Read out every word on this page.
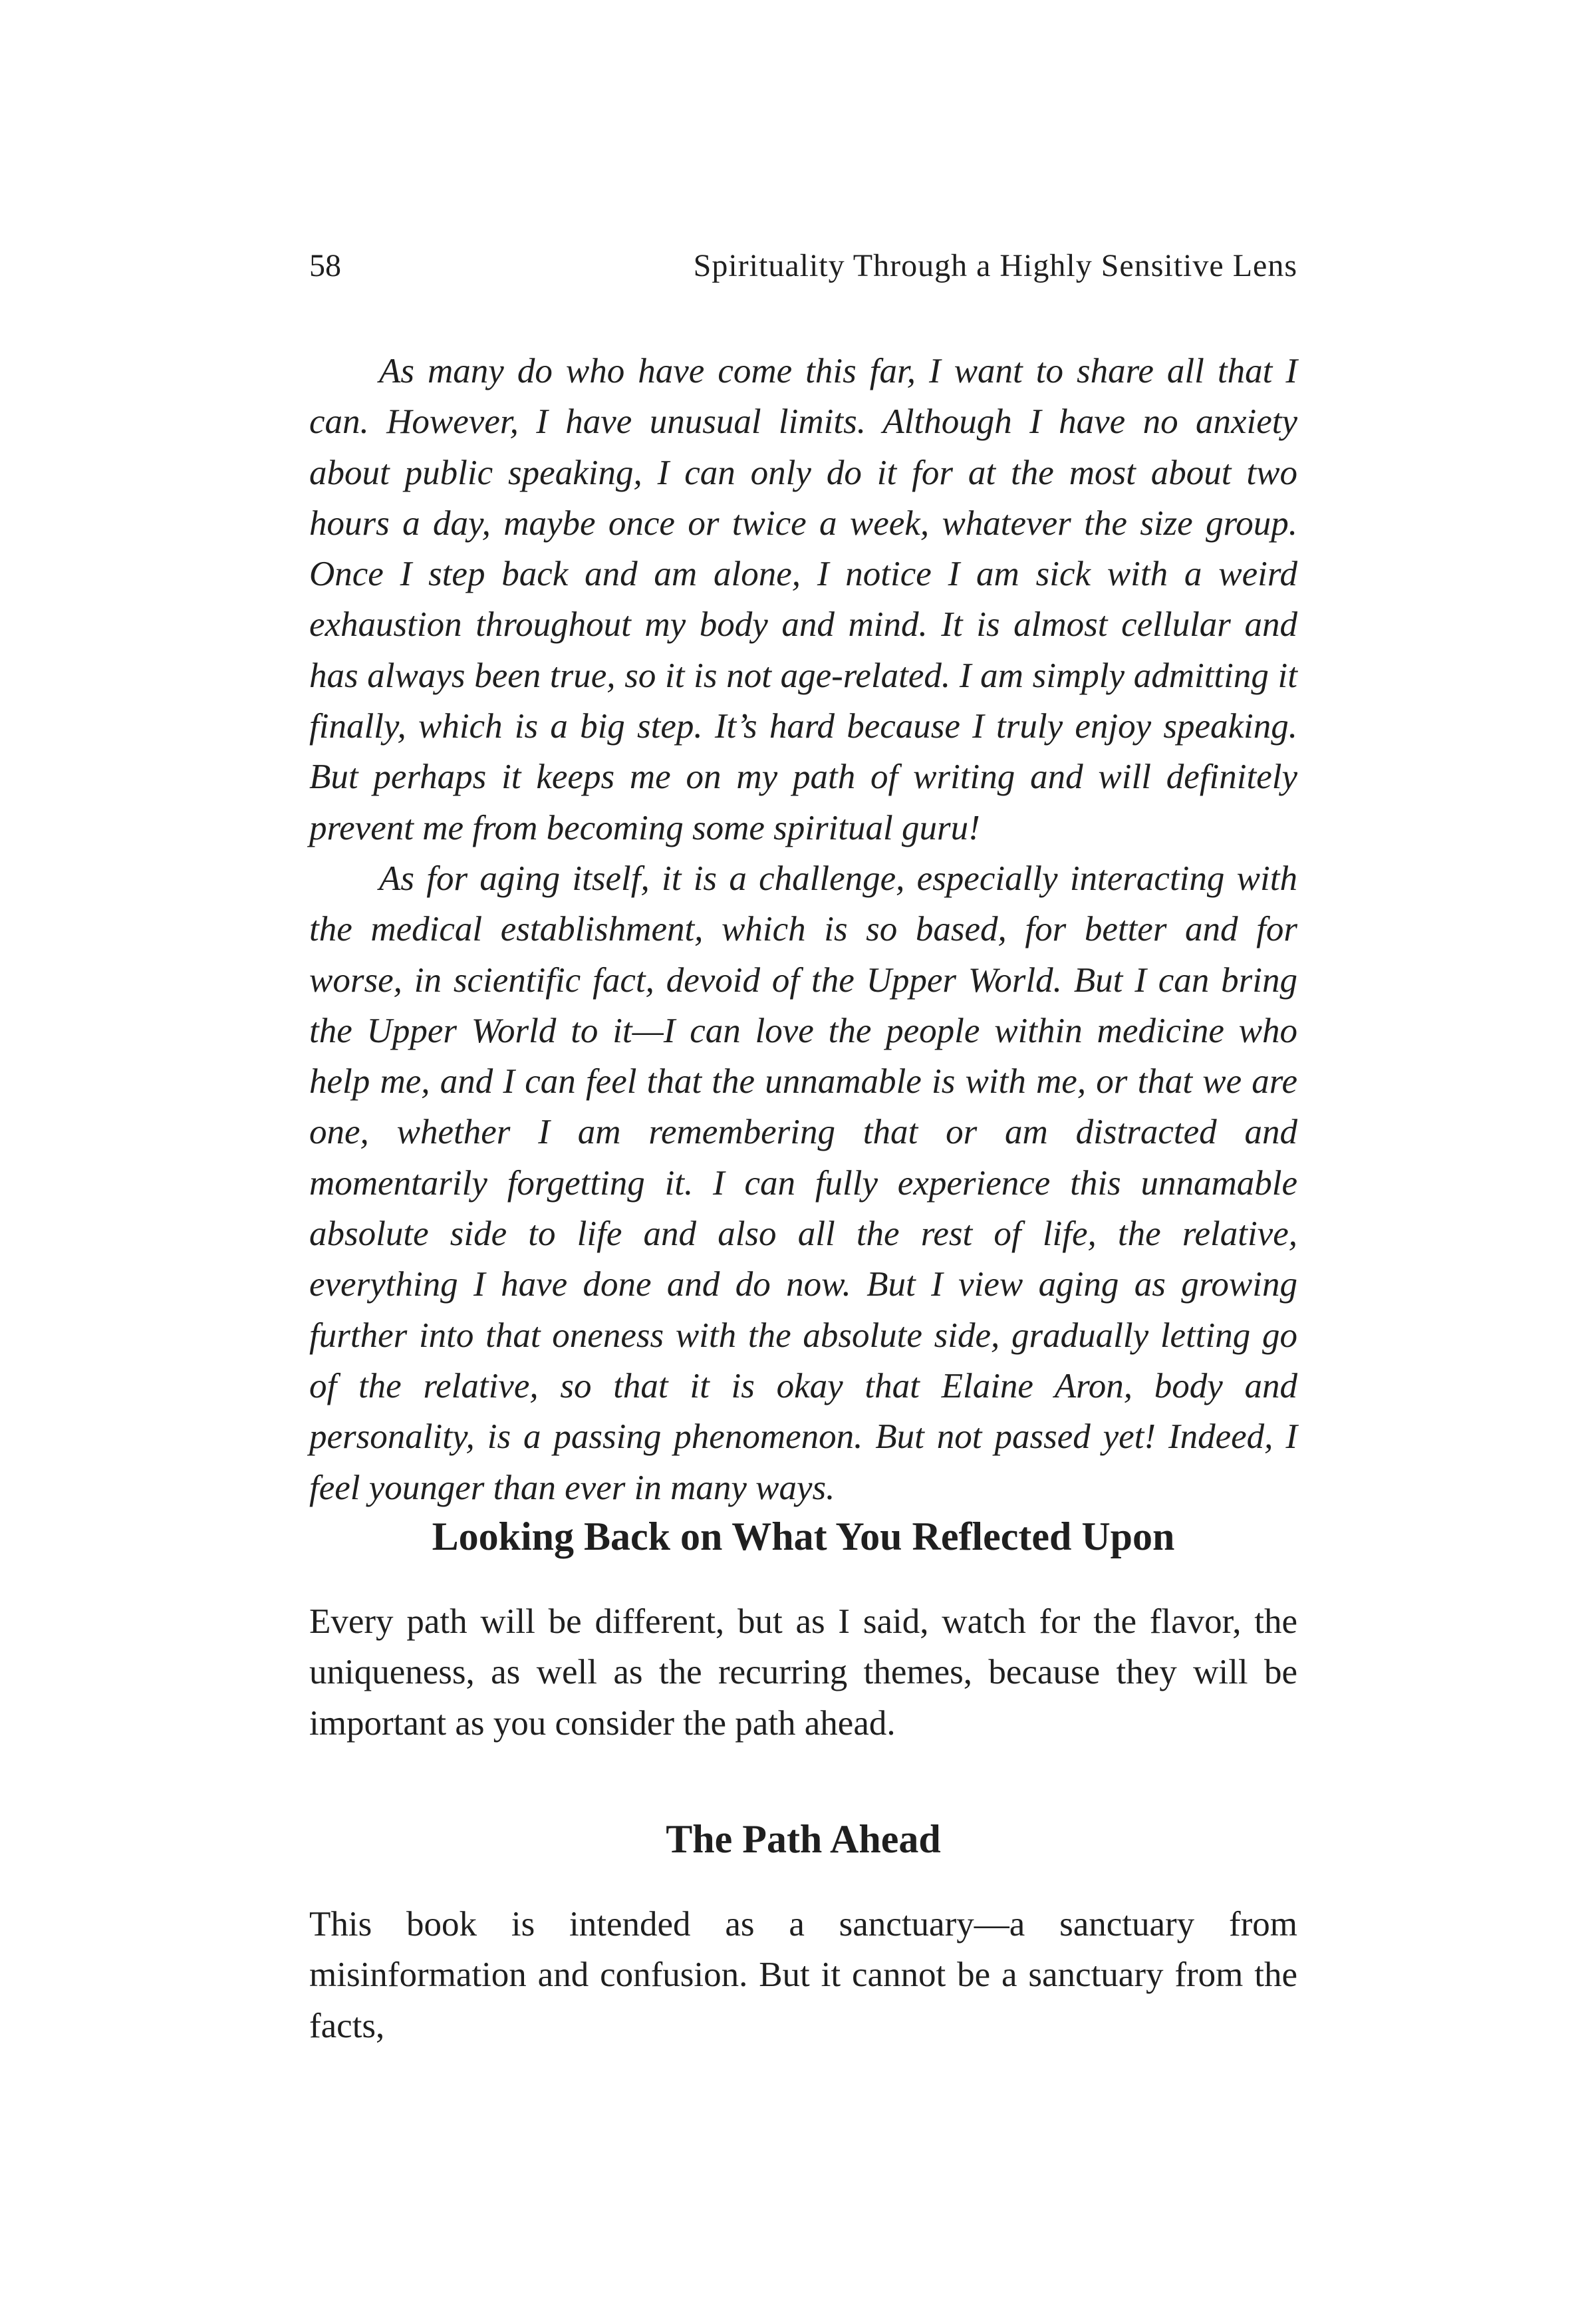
58	Spirituality Through a Highly Sensitive Lens

As many do who have come this far, I want to share all that I can. However, I have unusual limits. Although I have no anxiety about public speaking, I can only do it for at the most about two hours a day, maybe once or twice a week, whatever the size group. Once I step back and am alone, I notice I am sick with a weird exhaustion throughout my body and mind. It is almost cellular and has always been true, so it is not age-related. I am simply admitting it finally, which is a big step. It’s hard because I truly enjoy speaking. But perhaps it keeps me on my path of writing and will definitely prevent me from becoming some spiritual guru!

As for aging itself, it is a challenge, especially interacting with the medical establishment, which is so based, for better and for worse, in scientific fact, devoid of the Upper World. But I can bring the Upper World to it—I can love the people within medicine who help me, and I can feel that the unnamable is with me, or that we are one, whether I am remembering that or am distracted and momentarily forgetting it. I can fully experience this unnamable absolute side to life and also all the rest of life, the relative, everything I have done and do now. But I view aging as growing further into that oneness with the absolute side, gradually letting go of the relative, so that it is okay that Elaine Aron, body and personality, is a passing phenomenon. But not passed yet! Indeed, I feel younger than ever in many ways.

Looking Back on What You Reflected Upon

Every path will be different, but as I said, watch for the flavor, the uniqueness, as well as the recurring themes, because they will be important as you consider the path ahead.

The Path Ahead

This book is intended as a sanctuary—a sanctuary from misinformation and confusion. But it cannot be a sanctuary from the facts,
